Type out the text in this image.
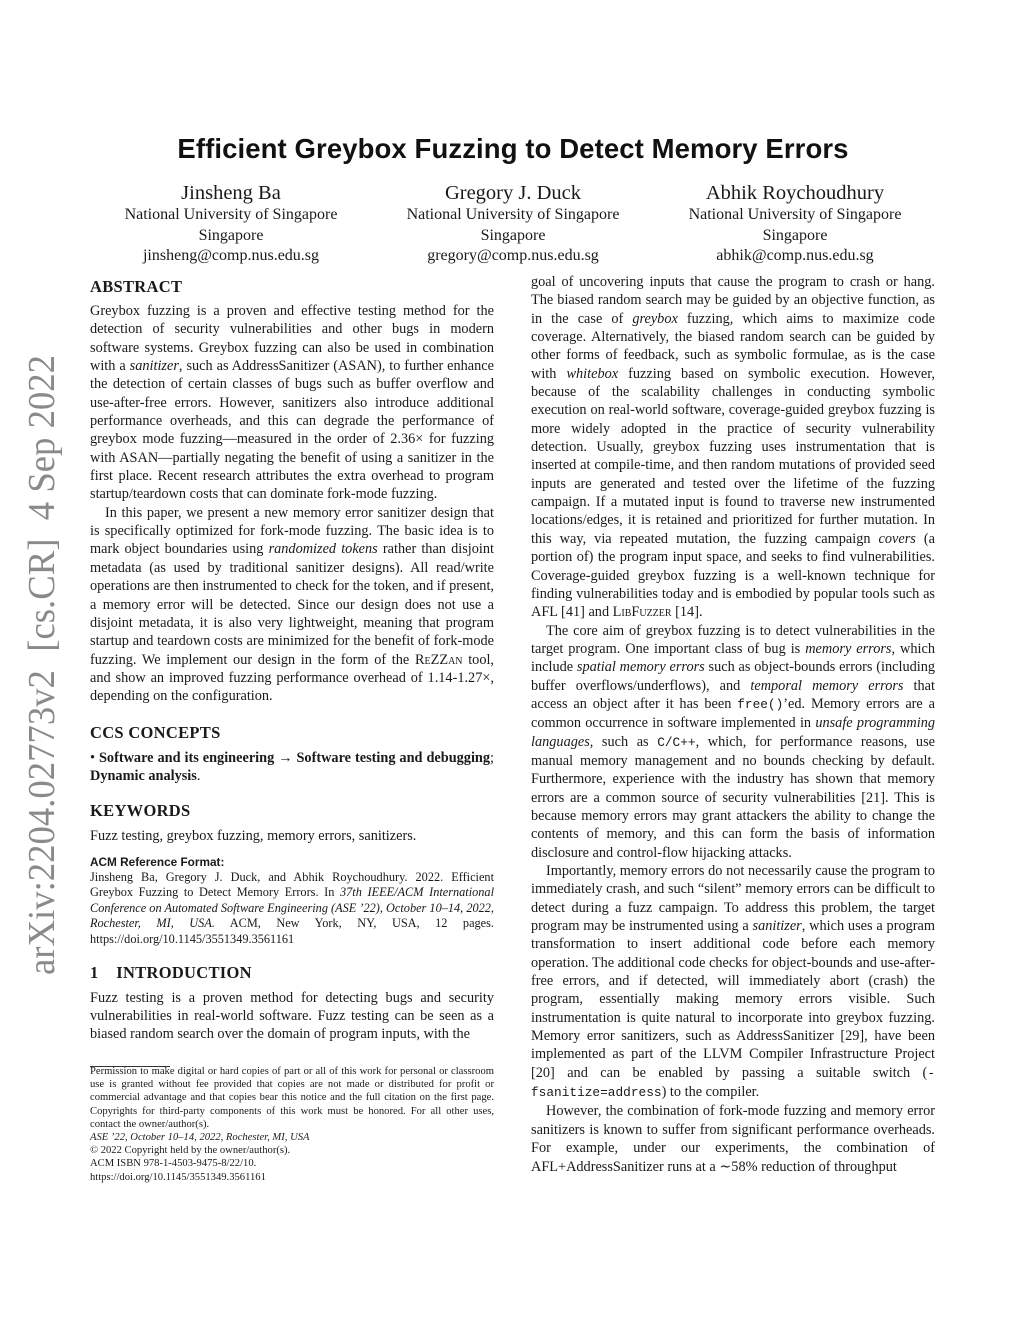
arXiv:2204.02773v2  [cs.CR]  4 Sep 2022
Efficient Greybox Fuzzing to Detect Memory Errors
Jinsheng Ba
National University of Singapore
Singapore
jinsheng@comp.nus.edu.sg
Gregory J. Duck
National University of Singapore
Singapore
gregory@comp.nus.edu.sg
Abhik Roychoudhury
National University of Singapore
Singapore
abhik@comp.nus.edu.sg
ABSTRACT

Greybox fuzzing is a proven and effective testing method for the detection of security vulnerabilities and other bugs in modern software systems. Greybox fuzzing can also be used in combination with a sanitizer, such as AddressSanitizer (ASAN), to further enhance the detection of certain classes of bugs such as buffer overflow and use-after-free errors. However, sanitizers also introduce additional performance overheads, and this can degrade the performance of greybox mode fuzzing—measured in the order of 2.36× for fuzzing with ASAN—partially negating the benefit of using a sanitizer in the first place. Recent research attributes the extra overhead to program startup/teardown costs that can dominate fork-mode fuzzing.

In this paper, we present a new memory error sanitizer design that is specifically optimized for fork-mode fuzzing. The basic idea is to mark object boundaries using randomized tokens rather than disjoint metadata (as used by traditional sanitizer designs). All read/write operations are then instrumented to check for the token, and if present, a memory error will be detected. Since our design does not use a disjoint metadata, it is also very lightweight, meaning that program startup and teardown costs are minimized for the benefit of fork-mode fuzzing. We implement our design in the form of the ReZZan tool, and show an improved fuzzing performance overhead of 1.14-1.27×, depending on the configuration.

CCS CONCEPTS

• Software and its engineering → Software testing and debugging; Dynamic analysis.

KEYWORDS

Fuzz testing, greybox fuzzing, memory errors, sanitizers.

ACM Reference Format:

Jinsheng Ba, Gregory J. Duck, and Abhik Roychoudhury. 2022. Efficient Greybox Fuzzing to Detect Memory Errors. In 37th IEEE/ACM International Conference on Automated Software Engineering (ASE ’22), October 10–14, 2022, Rochester, MI, USA. ACM, New York, NY, USA, 12 pages. https://doi.org/10.1145/3551349.3561161

1    INTRODUCTION

Fuzz testing is a proven method for detecting bugs and security vulnerabilities in real-world software. Fuzz testing can be seen as a biased random search over the domain of program inputs, with the

Permission to make digital or hard copies of part or all of this work for personal or classroom use is granted without fee provided that copies are not made or distributed for profit or commercial advantage and that copies bear this notice and the full citation on the first page. Copyrights for third-party components of this work must be honored. For all other uses, contact the owner/author(s).
ASE ’22, October 10–14, 2022, Rochester, MI, USA
© 2022 Copyright held by the owner/author(s).
ACM ISBN 978-1-4503-9475-8/22/10.
https://doi.org/10.1145/3551349.3561161

goal of uncovering inputs that cause the program to crash or hang. The biased random search may be guided by an objective function, as in the case of greybox fuzzing, which aims to maximize code coverage. Alternatively, the biased random search can be guided by other forms of feedback, such as symbolic formulae, as is the case with whitebox fuzzing based on symbolic execution. However, because of the scalability challenges in conducting symbolic execution on real-world software, coverage-guided greybox fuzzing is more widely adopted in the practice of security vulnerability detection. Usually, greybox fuzzing uses instrumentation that is inserted at compile-time, and then random mutations of provided seed inputs are generated and tested over the lifetime of the fuzzing campaign. If a mutated input is found to traverse new instrumented locations/edges, it is retained and prioritized for further mutation. In this way, via repeated mutation, the fuzzing campaign covers (a portion of) the program input space, and seeks to find vulnerabilities. Coverage-guided greybox fuzzing is a well-known technique for finding vulnerabilities today and is embodied by popular tools such as AFL [41] and LibFuzzer [14].

The core aim of greybox fuzzing is to detect vulnerabilities in the target program. One important class of bug is memory errors, which include spatial memory errors such as object-bounds errors (including buffer overflows/underflows), and temporal memory errors that access an object after it has been free()’ed. Memory errors are a common occurrence in software implemented in unsafe programming languages, such as C/C++, which, for performance reasons, use manual memory management and no bounds checking by default. Furthermore, experience with the industry has shown that memory errors are a common source of security vulnerabilities [21]. This is because memory errors may grant attackers the ability to change the contents of memory, and this can form the basis of information disclosure and control-flow hijacking attacks.

Importantly, memory errors do not necessarily cause the program to immediately crash, and such “silent” memory errors can be difficult to detect during a fuzz campaign. To address this problem, the target program may be instrumented using a sanitizer, which uses a program transformation to insert additional code before each memory operation. The additional code checks for object-bounds and use-after-free errors, and if detected, will immediately abort (crash) the program, essentially making memory errors visible. Such instrumentation is quite natural to incorporate into greybox fuzzing. Memory error sanitizers, such as AddressSanitizer [29], have been implemented as part of the LLVM Compiler Infrastructure Project [20] and can be enabled by passing a suitable switch (-fsanitize=address) to the compiler.

However, the combination of fork-mode fuzzing and memory error sanitizers is known to suffer from significant performance overheads. For example, under our experiments, the combination of AFL+AddressSanitizer runs at a ∼58% reduction of throughput
